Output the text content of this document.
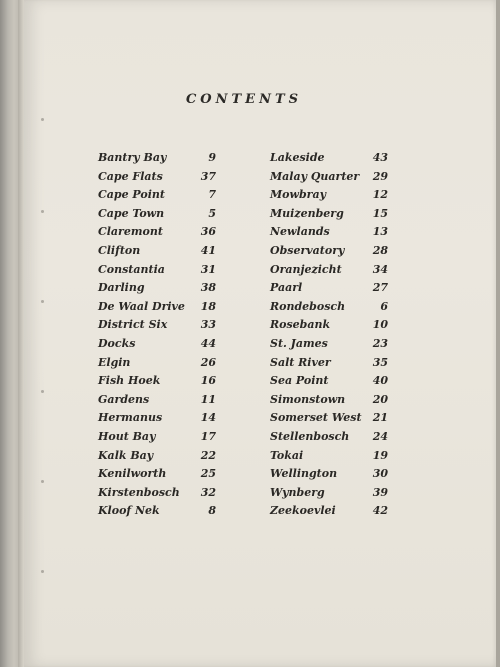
CONTENTS
Bantry Bay	9
Cape Flats	37
Cape Point	7
Cape Town	5
Claremont	36
Clifton	41
Constantia	31
Darling	38
De Waal Drive 18
District Six	33
Docks	44
Elgin	26
Fish Hoek	16
Gardens	11
Hermanus	14
Hout Bay	17
Kalk Bay	22
Kenilworth	25
Kirstenbosch 32
Kloof Nek	8
Lakeside	43
Malay Quarter 29
Mowbray	12
Muizenberg	15
Newlands	13
Observatory	28
Oranjezicht	34
Paarl	27
Rondebosch	6
Rosebank	10
St. James	23
Salt River	35
Sea Point	40
Simonstown	20
Somerset West 21
Stellenbosch 24
Tokai	19
Wellington	30
Wynberg	39
Zeekoevlei	42
